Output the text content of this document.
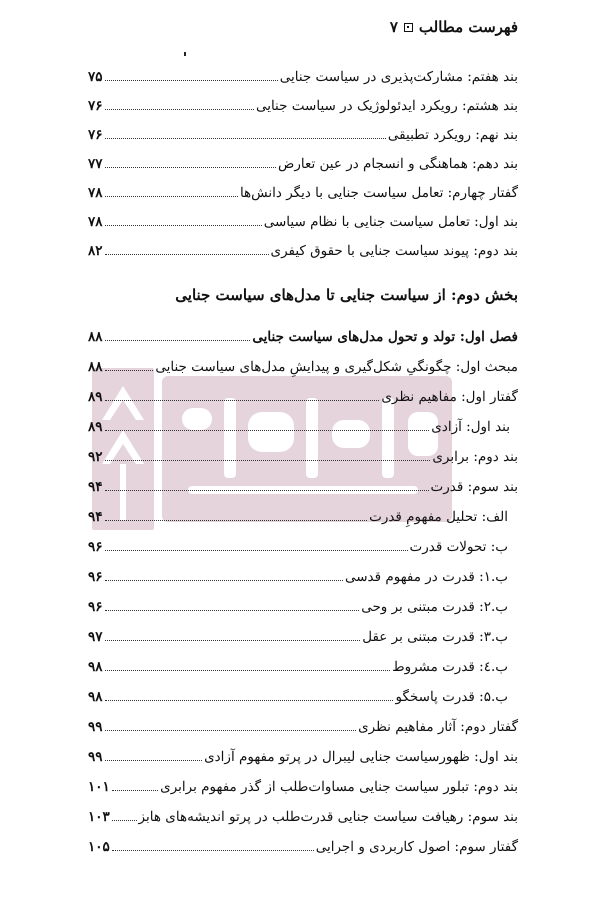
فهرست مطالب
۷
بخش دوم: از سیاست جنایی تا مدل‌های سیاست جنایی
بند هفتم: مشارکت‌پذیری در سیاست جنایی
۷۵
بند هشتم: رویکرد ایدئولوژیک در سیاست جنایی
۷۶
بند نهم: رویکرد تطبیقی
۷۶
بند دهم: هماهنگی و انسجام در عین تعارض
۷۷
گفتار چهارم: تعامل سیاست جنایی با دیگر دانش‌ها
۷۸
بند اول: تعامل سیاست جنایی با نظام سیاسی
۷۸
بند دوم: پیوند سیاست جنایی با حقوق کیفری
۸۲
فصل اول: تولد و تحول مدل‌های سیاست جنایی
۸۸
مبحث اول: چگونگیِ شکل‌گیری و پیدایشِ مدل‌های سیاست جنایی
۸۸
گفتار اول: مفاهیم نظری
۸۹
بند اول: آزادی
۸۹
بند دوم: برابری
۹۲
بند سوم: قدرت
۹۴
الف: تحلیل مفهومِ قدرت
۹۴
ب: تحولات قدرت
۹۶
ب.۱: قدرت در مفهوم قدسی
۹۶
ب.۲: قدرت مبتنی بر وحی
۹۶
ب.۳: قدرت مبتنی بر عقل
۹۷
ب.٤: قدرت مشروط
۹۸
ب.۵: قدرت پاسخگو
۹۸
گفتار دوم: آثار مفاهیم نظری
۹۹
بند اول: ظهورسیاست جنایی لیبرال در پرتو مفهوم آزادی
۹۹
بند دوم: تبلور سیاست جنایی مساوات‌طلب از گذر مفهوم برابری
۱۰۱
بند سوم: رهیافت سیاست جنایی قدرت‌طلب در پرتو اندیشه‌های هابز
۱۰۳
گفتار سوم: اصول کاربردی و اجرایی
۱۰۵
